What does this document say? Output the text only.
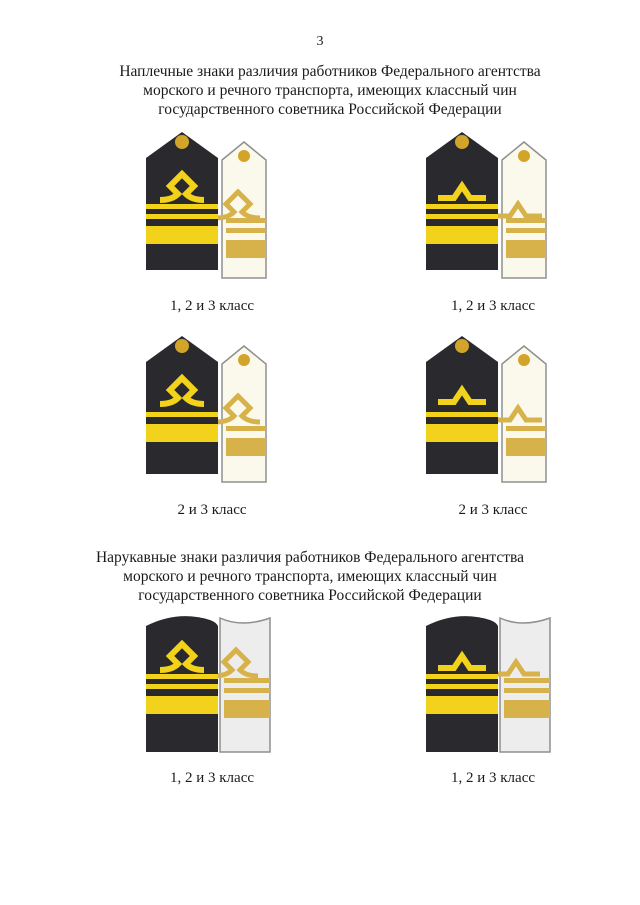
3
Наплечные знаки различия работников Федерального агентства
морского и речного транспорта, имеющих классный чин
государственного советника Российской Федерации
1, 2 и 3 класс	1, 2 и 3 класс
2 и 3 класс	2 и 3 класс
Нарукавные знаки различия работников Федерального агентства
морского и речного транспорта, имеющих классный чин
государственного советника Российской Федерации
1, 2 и 3 класс	1, 2 и 3 класс
